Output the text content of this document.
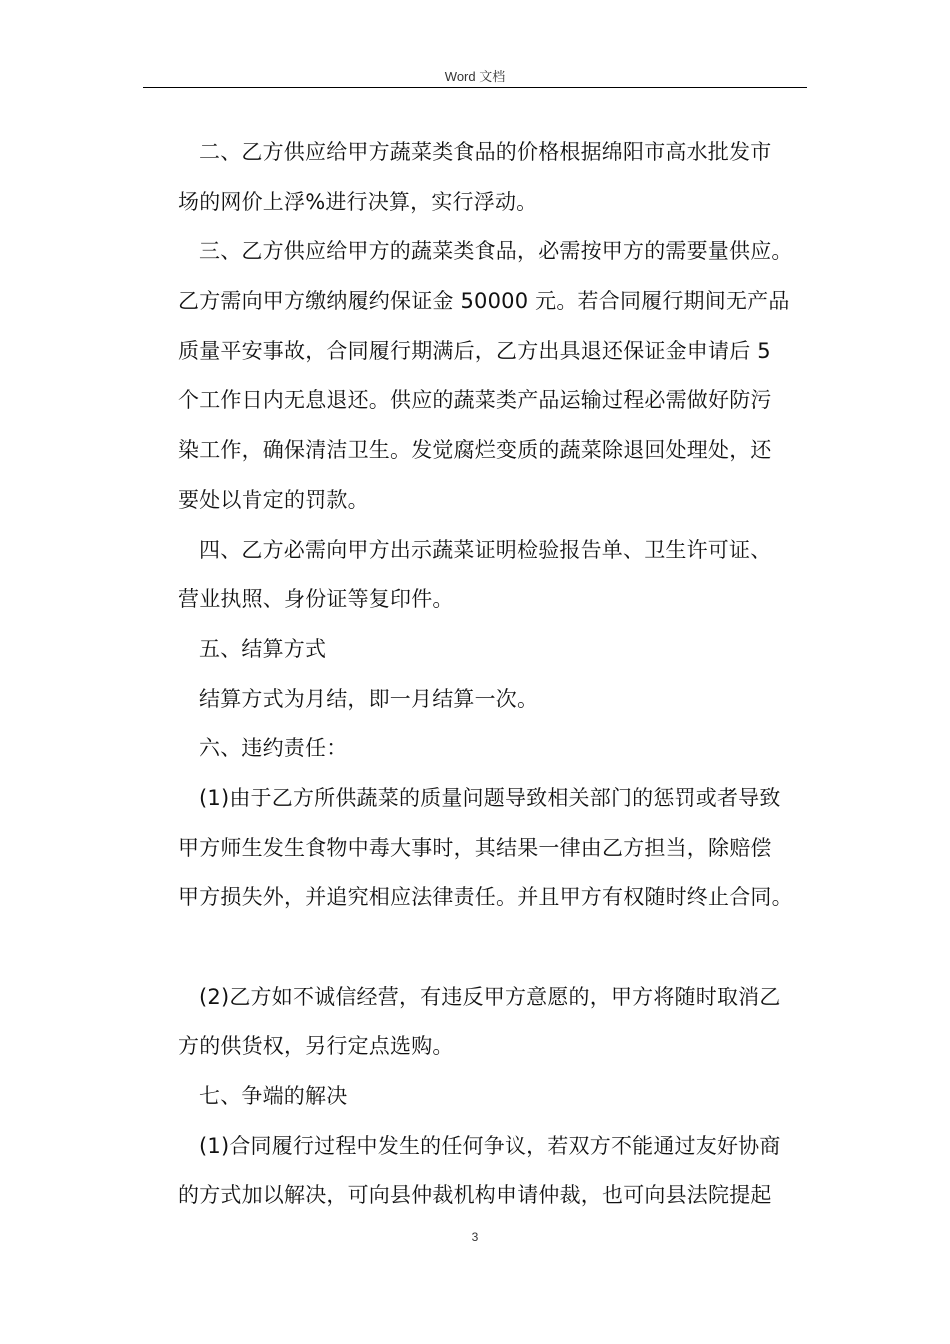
Word 文档
二、乙方供应给甲方蔬菜类食品的价格根据绵阳市高水批发市
场的网价上浮%进行决算，实行浮动。
三、乙方供应给甲方的蔬菜类食品，必需按甲方的需要量供应。
乙方需向甲方缴纳履约保证金 50000 元。若合同履行期间无产品
质量平安事故，合同履行期满后，乙方出具退还保证金申请后 5
个工作日内无息退还。供应的蔬菜类产品运输过程必需做好防污
染工作，确保清洁卫生。发觉腐烂变质的蔬菜除退回处理处，还
要处以肯定的罚款。
四、乙方必需向甲方出示蔬菜证明检验报告单、卫生许可证、
营业执照、身份证等复印件。
五、结算方式
结算方式为月结，即一月结算一次。
六、违约责任：
(1)由于乙方所供蔬菜的质量问题导致相关部门的惩罚或者导致
甲方师生发生食物中毒大事时，其结果一律由乙方担当，除赔偿
甲方损失外，并追究相应法律责任。并且甲方有权随时终止合同。
(2)乙方如不诚信经营，有违反甲方意愿的，甲方将随时取消乙
方的供货权，另行定点选购。
七、争端的解决
(1)合同履行过程中发生的任何争议，若双方不能通过友好协商
的方式加以解决，可向县仲裁机构申请仲裁，也可向县法院提起
3
